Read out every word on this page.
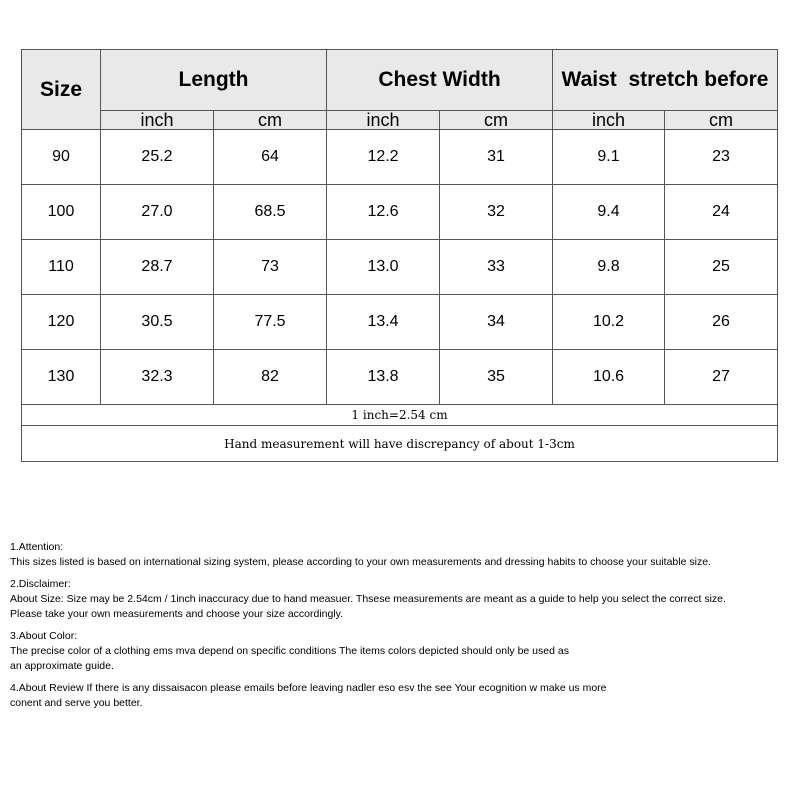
Size	Length		Chest Width		Waist  stretch before	
	inch	cm	inch	cm	inch	cm
90	25.2	64	12.2	31	9.1	23
100	27.0	68.5	12.6	32	9.4	24
110	28.7	73	13.0	33	9.8	25
120	30.5	77.5	13.4	34	10.2	26
130	32.3	82	13.8	35	10.6	27
1 inch=2.54 cm						
Hand measurement will have discrepancy of about 1-3cm						

1.Attention:

This sizes listed is based on international sizing system, please according to your own measurements and dressing habits to choose your suitable size.

2.Disclaimer:

About Size: Size may be 2.54cm / 1inch inaccuracy due to hand measuer. Thsese measurements are meant as a guide to help you select the correct size.

Please take your own measurements and choose your size accordingly.

3.About Color:

The precise color of a clothing ems mva depend on specific conditions The items colors depicted should only be used as

an approximate guide.

4.About Review If there is any dissaisacon please emails before leaving nadler eso esv the see Your ecognition w make us more

conent and serve you better.
